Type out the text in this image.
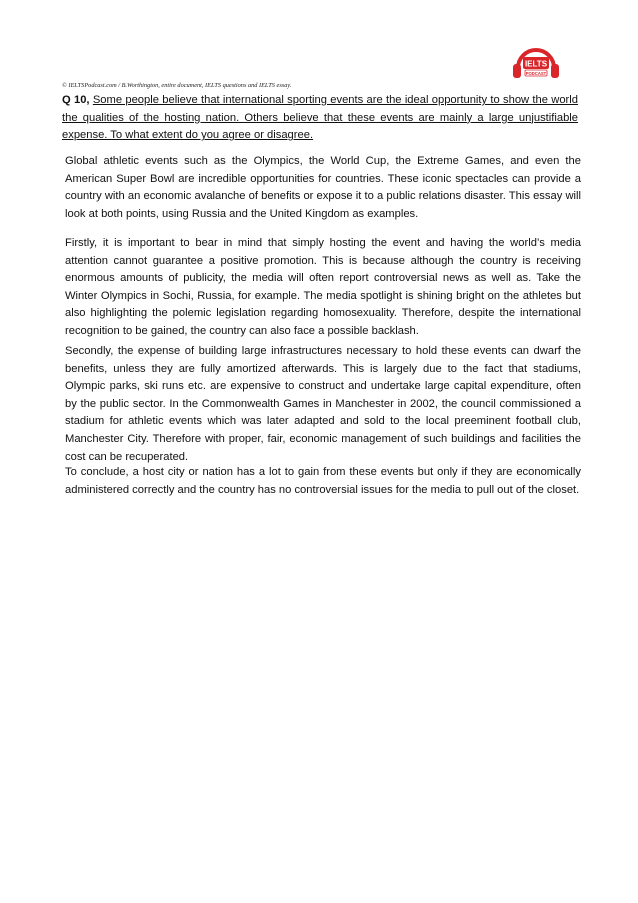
IELTS
PODCAST
© IELTSPodcast.com / B.Worthington, entire document, IELTS questions and IELTS essay.
Q 10, Some people believe that international sporting events are the ideal opportunity to show the world the qualities of the hosting nation. Others believe that these events are mainly a large unjustifiable expense. To what extent do you agree or disagree.
Global athletic events such as the Olympics, the World Cup, the Extreme Games, and even the American Super Bowl are incredible opportunities for countries. These iconic spectacles can provide a country with an economic avalanche of benefits or expose it to a public relations disaster. This essay will look at both points, using Russia and the United Kingdom as examples.
Firstly, it is important to bear in mind that simply hosting the event and having the world’s media attention cannot guarantee a positive promotion. This is because although the country is receiving enormous amounts of publicity, the media will often report controversial news as well as. Take the Winter Olympics in Sochi, Russia, for example. The media spotlight is shining bright on the athletes but also highlighting the polemic legislation regarding homosexuality. Therefore, despite the international recognition to be gained, the country can also face a possible backlash.
Secondly, the expense of building large infrastructures necessary to hold these events can dwarf the benefits, unless they are fully amortized afterwards. This is largely due to the fact that stadiums, Olympic parks, ski runs etc. are expensive to construct and undertake large capital expenditure, often by the public sector. In the Commonwealth Games in Manchester in 2002, the council commissioned a stadium for athletic events which was later adapted and sold to the local preeminent football club, Manchester City. Therefore with proper, fair, economic management of such buildings and facilities the cost can be recuperated.
To conclude, a host city or nation has a lot to gain from these events but only if they are economically administered correctly and the country has no controversial issues for the media to pull out of the closet.
